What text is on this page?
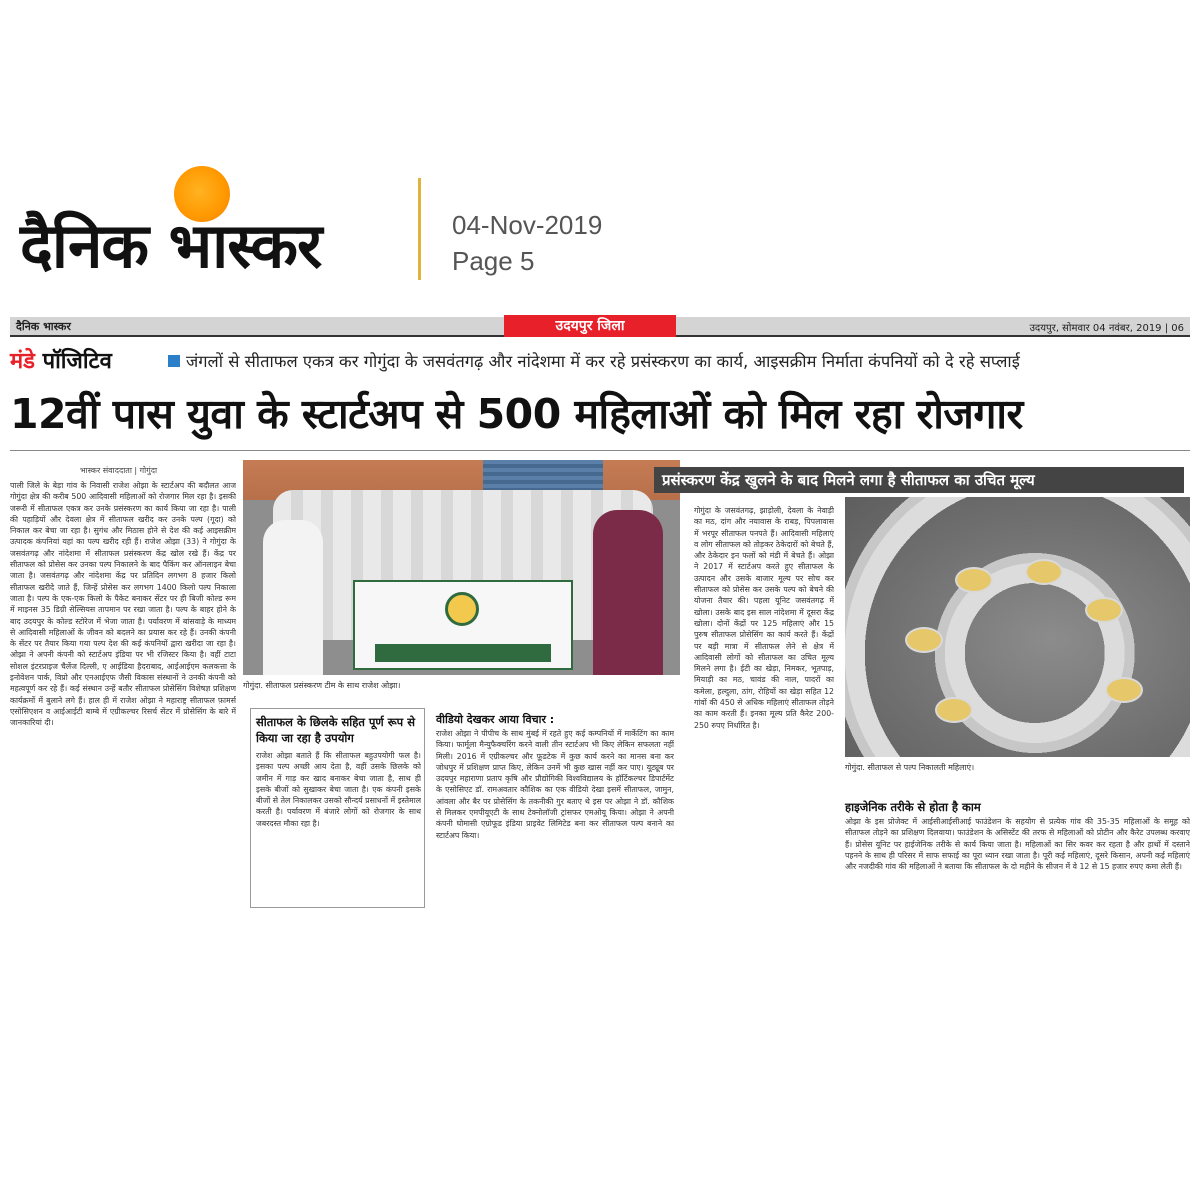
दैनिक भास्कर	04-Nov-2019
Page 5
दैनिक भास्कर	उदयपुर जिला	उदयपुर, सोमवार 04 नवंबर, 2019 | 06
मंडे पॉजिटिव	जंगलों से सीताफल एकत्र कर गोगुंदा के जसवंतगढ़ और नांदेशमा में कर रहे प्रसंस्करण का कार्य, आइसक्रीम निर्माता कंपनियों को दे रहे सप्लाई
12वीं पास युवा के स्टार्टअप से 500 महिलाओं को मिल रहा रोजगार
भास्कर संवाददाता | गोगुंदा
पाली जिले के बेड़ा गांव के निवासी राजेश ओझा के स्टार्टअप की बदौलत आज गोगुंदा क्षेत्र की करीब 500 आदिवासी महिलाओं को रोजगार मिल रहा है। इसकी जरूरी में सीताफल एकत्र कर उनके प्रसंस्करण का कार्य किया जा रहा है। पाली की पहाड़ियों और देवला क्षेत्र में सीताफल खरीद कर उनके पल्प (गूदा) को निकाल कर बेचा जा रहा है। सुगंध और मिठास होने से देश की कई आइसक्रीम उत्पादक कंपनियां यहां का पल्प खरीद रही हैं। राजेश ओझा (33) ने गोगुंदा के जसवंतगढ़ और नांदेशमा में सीताफल प्रसंस्करण केंद्र खोल रखे हैं। केंद्र पर सीताफल को प्रोसेस कर उनका पल्प निकालने के बाद पैकिंग कर ऑनलाइन बेचा जाता है। जसवंतगढ़ और नांदेशमा केंद्र पर प्रतिदिन लगभग 8 हजार किलो सीताफल खरीदे जाते हैं, जिन्हें प्रोसेस कर लगभग 1400 किलो पल्प निकाला जाता है। पल्प के एक-एक किलो के पैकेट बनाकर सेंटर पर ही बिजी कोल्ड रूम में माइनस 35 डिग्री सेल्सियस तापमान पर रखा जाता है। पल्प के बाहर होने के बाद उदयपुर के कोल्ड स्टोरेज में भेजा जाता है। पर्यावरण में बांसवाड़े के माध्यम से आदिवासी महिलाओं के जीवन को बदलने का प्रयास कर रहे हैं। उनकी कंपनी के सेंटर पर तैयार किया गया पल्प देश की कई कंपनियों द्वारा खरीदा जा रहा है। ओझा ने अपनी कंपनी को स्टार्टअप इंडिया पर भी रजिस्टर किया है। वहीं टाटा सोशल इंटरप्राइज चैलेंज दिल्ली, ए आईडिया हैदराबाद, आईआईएम कलकत्ता के इनोवेशन पार्क, विप्रो और एनआईएफ जैसी विकास संस्थानों ने उनकी कंपनी को महत्वपूर्ण कर रहे हैं। कई संस्थान उन्हें बतौर सीताफल प्रोसेसिंग विशेषज्ञ प्रशिक्षण कार्यक्रमों में बुलाने लगे हैं। हाल ही में राजेश ओझा ने महाराष्ट्र सीताफल फ़ामर्स एसोसिएशन व आईआईटी बाम्बे में एग्रीकल्चर रिसर्च सेंटर में प्रोसेसिंग के बारे में जानकारियां दी।
गोगुंदा. सीताफल प्रसंस्करण टीम के साथ राजेश ओझा।
सीताफल के छिलके सहित पूर्ण रूप से किया जा रहा है उपयोग
राजेश ओझा बताते हैं कि सीताफल बहुउपयोगी फल है। इसका पल्प अच्छी आय देता है, वहीं उसके छिलके को जमीन में गाड़ कर खाद बनाकर बेचा जाता है, साथ ही इसके बीजों को सुखाकर बेचा जाता है। एक कंपनी इसके बीजों से तेल निकालकर उसको सौन्दर्य प्रसाधनों में इस्तेमाल करती है। पर्यावरण में बंजारे लोगों को रोजगार के साथ जबरदस्त मौका रहा है।
वीडियो देखकर आया विचार :
राजेश ओझा ने पीपीच के साथ मुंबई में रहते हुए कई कम्पनियों में मार्केटिंग का काम किया। फार्मूला मैन्युफैक्चरिंग करने वाली तीन स्टार्टअप भी किए लेकिन सफलता नहीं मिली। 2016 में एग्रीकल्चर और फ़ूडटेक में कुछ कार्य करने का मानस बना कर जोधपुर में प्रशिक्षण प्राप्त किए, लेकिन उनमें भी कुछ खास नहीं कर पाए। यूट्यूब पर उदयपुर महाराणा प्रताप कृषि और प्रौद्योगिकी विश्वविद्यालय के हॉर्टिकल्चर डिपार्टमेंट के एसोसिएट डॉ. रामअवतार कौशिक का एक वीडियो देखा इसमें सीताफल, जामुन, आंवला और बैर पर प्रोसेसिंग के तकनीकी गुर बताए थे इस पर ओझा ने डॉ. कौशिक से मिलकर एमपीयूएटी के साथ टेक्नोलॉजी ट्रांसफर एमओयू किया। ओझा ने अपनी कंपनी घोमासी एग्रोफूड इंडिया प्राइवेट लिमिटेड बना कर सीताफल पल्प बनाने का स्टार्टअप किया।
प्रसंस्करण केंद्र खुलने के बाद मिलने लगा है सीताफल का उचित मूल्य
गोगुंदा के जसवंतगढ़, झाड़ोली, देवला के नेवाड़ी का मठ, दांग और नयावास के राबड़, पिपलावास में भरपूर सीताफल पनपते हैं। आदिवासी महिलाएं व लोग सीताफल को तोड़कर ठेकेदारों को बेचते हैं, और ठेकेदार इन फलों को मंडी में बेचते हैं। ओझा ने 2017 में स्टार्टअप करते हुए सीताफल के उत्पादन और उसके बाजार मूल्य पर सोच कर सीताफल को प्रोसेस कर उसके पल्प को बेचने की योजना तैयार की। पहला यूनिट जसवंतगढ़ में खोला। उसके बाद इस साल नांदेशमा में दूसरा केंद्र खोला। दोनों केंद्रों पर 125 महिलाएं और 15 पुरुष सीताफल प्रोसेसिंग का कार्य करते हैं। केंद्रों पर बड़ी मात्रा में सीताफल लेने से क्षेत्र में आदिवासी लोगों को सीताफल का उचित मूल्य मिलने लगा है। ईटी का खेड़ा, निमकर, भूतपाड़, मियाड़ी का मठ, चावंड की नाल, पादरों का कमेला, हल्दुला, ठांग, रोहियों का खेड़ा सहित 12 गांवों की 450 से अधिक महिलाएं सीताफल तोड़ने का काम करती हैं। इनका मूल्य प्रति कैरेट 200-250 रुपए निर्धारित है।
गोगुंदा. सीताफल से पल्प निकालती महिलाएं।
हाइजेनिक तरीके से होता है काम
ओझा के इस प्रोजेक्ट में आईसीआईसीआई फाउंडेशन के सहयोग से प्रत्येक गांव की 35-35 महिलाओं के समूह को सीताफल तोड़ने का प्रशिक्षण दिलवाया। फाउंडेशन के असिस्टेंट की तरफ से महिलाओं को प्रोटीन और कैरेट उपलब्ध करवाए हैं। प्रोसेस यूनिट पर हाईजेनिक तरीके से कार्य किया जाता है। महिलाओं का सिर कवर कर रहता है और हाथों में दस्ताने पहनने के साथ ही परिसर में साफ सफाई का पूरा ध्यान रखा जाता है। पूरी कई महिलाएं, दूसरे किसान, अपनी कई महिलाएं और नजदीकी गांव की महिलाओं ने बताया कि सीताफल के दो महीने के सीजन में वे 12 से 15 हजार रुपए कमा लेती हैं।
